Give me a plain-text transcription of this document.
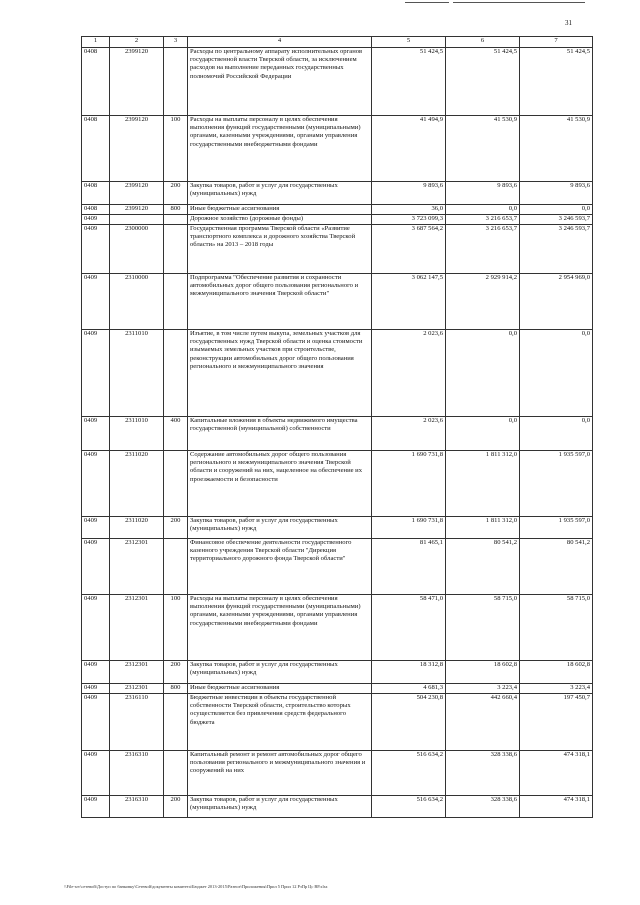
31
1	2	3	4	5	6	7
0408	2399120		Расходы по центральному аппарату исполнительных органов государственной власти Тверской области, за исключением расходов на выполнение переданных государственных полномочий Российской Федерации	51 424,5	51 424,5	51 424,5
0408	2399120	100	Расходы на выплаты персоналу в целях обеспечения выполнения функций государственными (муниципальными) органами, казенными учреждениями, органами управления государственными внебюджетными фондами	41 494,9	41 530,9	41 530,9
0408	2399120	200	Закупка товаров, работ и услуг для государственных (муниципальных) нужд	9 893,6	9 893,6	9 893,6
0408	2399120	800	Иные бюджетные ассигнования	36,0	0,0	0,0
0409			Дорожное хозяйство (дорожные фонды)	3 723 099,3	3 216 653,7	3 246 593,7
0409	2300000		Государственная программа Тверской области «Развитие транспортного комплекса и дорожного хозяйства Тверской области» на 2013 – 2018 годы	3 687 564,2	3 216 653,7	3 246 593,7
0409	2310000		Подпрограмма "Обеспечение развития и сохранности автомобильных дорог общего пользования регионального и межмуниципального значения Тверской области"	3 062 147,5	2 929 914,2	2 954 969,0
0409	2311010		Изъятие, в том числе путем выкупа, земельных участков для государственных нужд Тверской области и оценка стоимости изымаемых земельных участков при строительстве, реконструкции автомобильных дорог общего пользования регионального и межмуниципального значения	2 023,6	0,0	0,0
0409	2311010	400	Капитальные вложения в объекты недвижимого имущества государственной (муниципальной) собственности	2 023,6	0,0	0,0
0409	2311020		Содержание автомобильных дорог общего пользования регионального и межмуниципального значения Тверской области и сооружений на них, нацеленное на обеспечение их проезжаемости и безопасности	1 690 731,8	1 811 312,0	1 935 597,0
0409	2311020	200	Закупка товаров, работ и услуг для государственных (муниципальных) нужд	1 690 731,8	1 811 312,0	1 935 597,0
0409	2312301		Финансовое обеспечение деятельности государственного казенного учреждения Тверской области "Дирекция территориального дорожного фонда Тверской области"	81 465,1	80 541,2	80 541,2
0409	2312301	100	Расходы на выплаты персоналу в целях обеспечения выполнения функций государственными (муниципальными) органами, казенными учреждениями, органами управления государственными внебюджетными фондами	58 471,0	58 715,0	58 715,0
0409	2312301	200	Закупка товаров, работ и услуг для государственных (муниципальных) нужд	18 312,8	18 602,8	18 602,8
0409	2312301	800	Иные бюджетные ассигнования	4 681,3	3 223,4	3 223,4
0409	2316110		Бюджетные инвестиции в объекты государственной собственности Тверской области, строительство которых осуществляется без привлечения средств федерального бюджета	504 230,8	442 660,4	197 450,7
0409	2316310		Капитальный ремонт и ремонт автомобильных дорог общего пользования регионального и межмуниципального значения и сооружений на них	516 634,2	328 338,6	474 318,1
0409	2316310	200	Закупка товаров, работ и услуг для государственных (муниципальных) нужд	516 634,2	328 338,6	474 318,1
\\File-srv\сетевой\Доступ по банковку\Сетевой\документы комитета\Бюджет 2013-2015\Разное\Приложения\Прил 5 Прил 12 РзПр Цс ВР.xlsx
